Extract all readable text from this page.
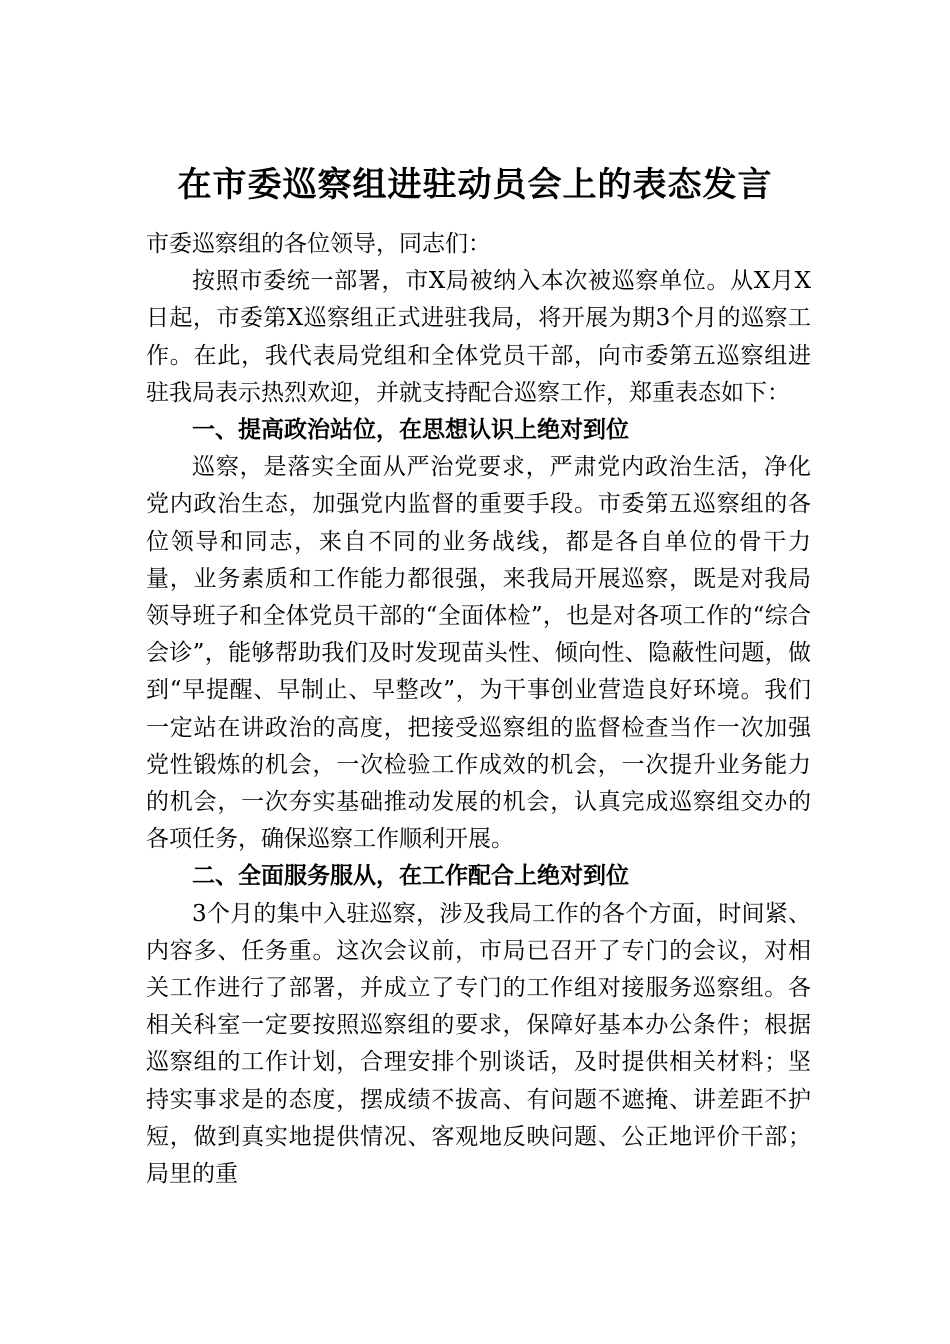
在市委巡察组进驻动员会上的表态发言

市委巡察组的各位领导，同志们：

按照市委统一部署，市X局被纳入本次被巡察单位。从X月X日起，市委第X巡察组正式进驻我局，将开展为期3个月的巡察工作。在此，我代表局党组和全体党员干部，向市委第五巡察组进驻我局表示热烈欢迎，并就支持配合巡察工作，郑重表态如下：

一、提高政治站位，在思想认识上绝对到位

巡察，是落实全面从严治党要求，严肃党内政治生活，净化党内政治生态，加强党内监督的重要手段。市委第五巡察组的各位领导和同志，来自不同的业务战线，都是各自单位的骨干力量，业务素质和工作能力都很强，来我局开展巡察，既是对我局领导班子和全体党员干部的“全面体检”，也是对各项工作的“综合会诊”，能够帮助我们及时发现苗头性、倾向性、隐蔽性问题，做到“早提醒、早制止、早整改”，为干事创业营造良好环境。我们一定站在讲政治的高度，把接受巡察组的监督检查当作一次加强党性锻炼的机会，一次检验工作成效的机会，一次提升业务能力的机会，一次夯实基础推动发展的机会，认真完成巡察组交办的各项任务，确保巡察工作顺利开展。

二、全面服务服从，在工作配合上绝对到位

3个月的集中入驻巡察，涉及我局工作的各个方面，时间紧、内容多、任务重。这次会议前，市局已召开了专门的会议，对相关工作进行了部署，并成立了专门的工作组对接服务巡察组。各相关科室一定要按照巡察组的要求，保障好基本办公条件；根据巡察组的工作计划，合理安排个别谈话，及时提供相关材料；坚持实事求是的态度，摆成绩不拔高、有问题不遮掩、讲差距不护短，做到真实地提供情况、客观地反映问题、公正地评价干部；局里的重
